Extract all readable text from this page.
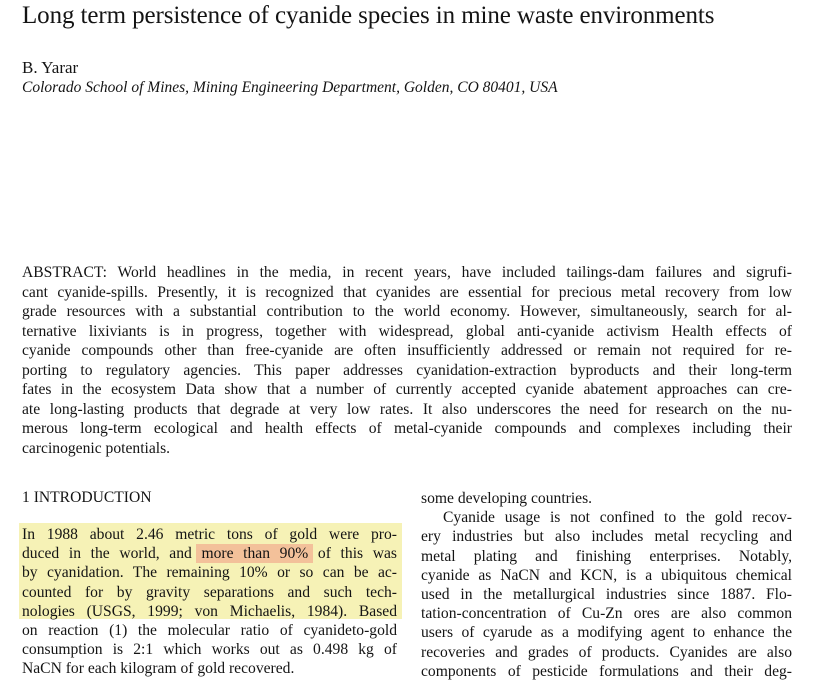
Long term persistence of cyanide species in mine waste environments
B. Yarar
Colorado School of Mines, Mining Engineering Department, Golden, CO 80401, USA
ABSTRACT: World headlines in the media, in recent years, have included tailings-dam failures and sigrufi-
cant cyanide-spills. Presently, it is recognized that cyanides are essential for precious metal recovery from low
grade resources with a substantial contribution to the world economy. However, simultaneously, search for al-
ternative lixiviants is in progress, together with widespread, global anti-cyanide activism Health effects of
cyanide compounds other than free-cyanide are often insufficiently addressed or remain not required for re-
porting to regulatory agencies. This paper addresses cyanidation-extraction byproducts and their long-term
fates in the ecosystem Data show that a number of currently accepted cyanide abatement approaches can cre-
ate long-lasting products that degrade at very low rates. It also underscores the need for research on the nu-
merous long-term ecological and health effects of metal-cyanide compounds and complexes including their
carcinogenic potentials.
1 INTRODUCTION
In 1988 about 2.46 metric tons of gold were pro-
duced in the world, and more than 90% of this was
by cyanidation. The remaining 10% or so can be ac-
counted for by gravity separations and such tech-
nologies (USGS, 1999; von Michaelis, 1984). Based
on reaction (1) the molecular ratio of cyanideto-gold
consumption is 2:1 which works out as 0.498 kg of
NaCN for each kilogram of gold recovered.
some developing countries.
Cyanide usage is not confined to the gold recov-
ery industries but also includes metal recycling and
metal plating and finishing enterprises. Notably,
cyanide as NaCN and KCN, is a ubiquitous chemical
used in the metallurgical industries since 1887. Flo-
tation-concentration of Cu-Zn ores are also common
users of cyarude as a modifying agent to enhance the
recoveries and grades of products. Cyanides are also
components of pesticide formulations and their deg-
